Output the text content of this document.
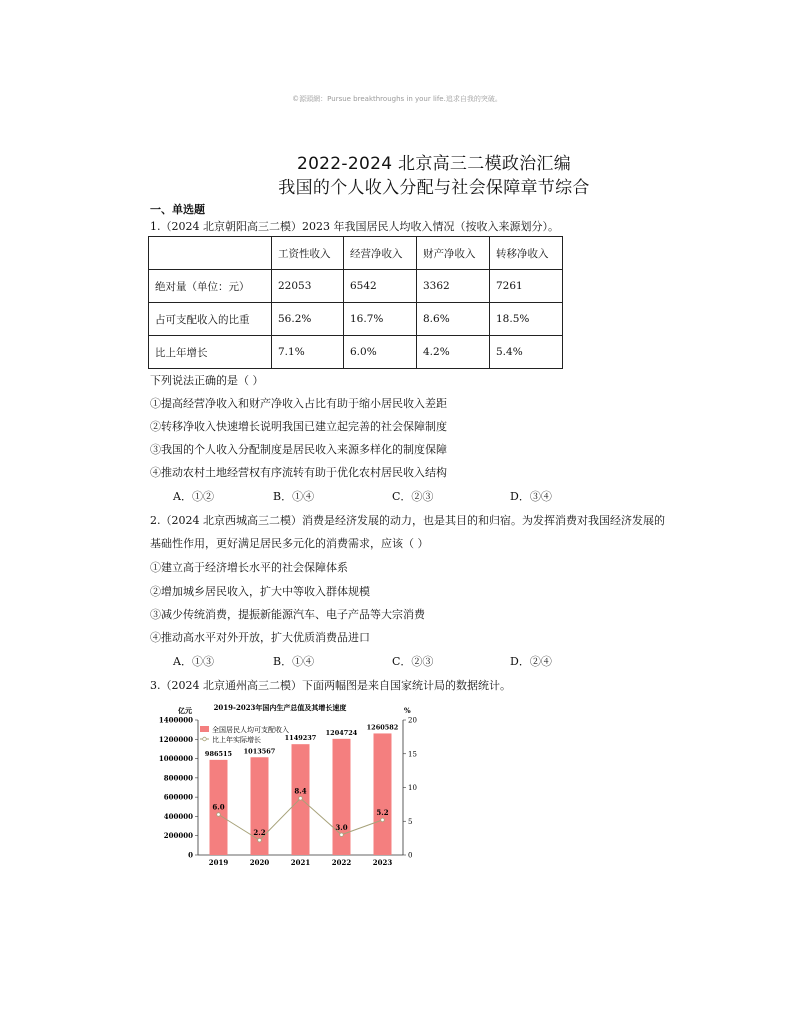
©源頭網：Pursue breakthroughs in your life.追求自我的突破。
2022-2024 北京高三二模政治汇编
我国的个人收入分配与社会保障章节综合
一、单选题
1.（2024 北京朝阳高三二模）2023 年我国居民人均收入情况（按收入来源划分）。
	工资性收入	经营净收入	财产净收入	转移净收入
绝对量（单位：元）	22053	6542	3362	7261
占可支配收入的比重	56.2%	16.7%	8.6%	18.5%
比上年增长	7.1%	6.0%	4.2%	5.4%
下列说法正确的是（ ）
①提高经营净收入和财产净收入占比有助于缩小居民收入差距
②转移净收入快速增长说明我国已建立起完善的社会保障制度
③我国的个人收入分配制度是居民收入来源多样化的制度保障
④推动农村土地经营权有序流转有助于优化农村居民收入结构
A．①②	B．①④	C．②③	D．③④
2.（2024 北京西城高三二模）消费是经济发展的动力，也是其目的和归宿。为发挥消费对我国经济发展的
基础性作用，更好满足居民多元化的消费需求，应该（ ）
①建立高于经济增长水平的社会保障体系
②增加城乡居民收入，扩大中等收入群体规模
③减少传统消费，提振新能源汽车、电子产品等大宗消费
④推动高水平对外开放，扩大优质消费品进口
A．①③	B．①④	C．②③	D．②④
3.（2024 北京通州高三二模）下面两幅图是来自国家统计局的数据统计。
2019-2023年国内生产总值及其增长速度
亿元	%
0
200000
400000
600000
800000
1000000
1200000
1400000
0
5
10
15
20
986515
2019
1013567
2020
1149237
2021
1204724
2022
1260582
2023
6.0
2.2
8.4
3.0
5.2
全国居民人均可支配收入
比上年实际增长
